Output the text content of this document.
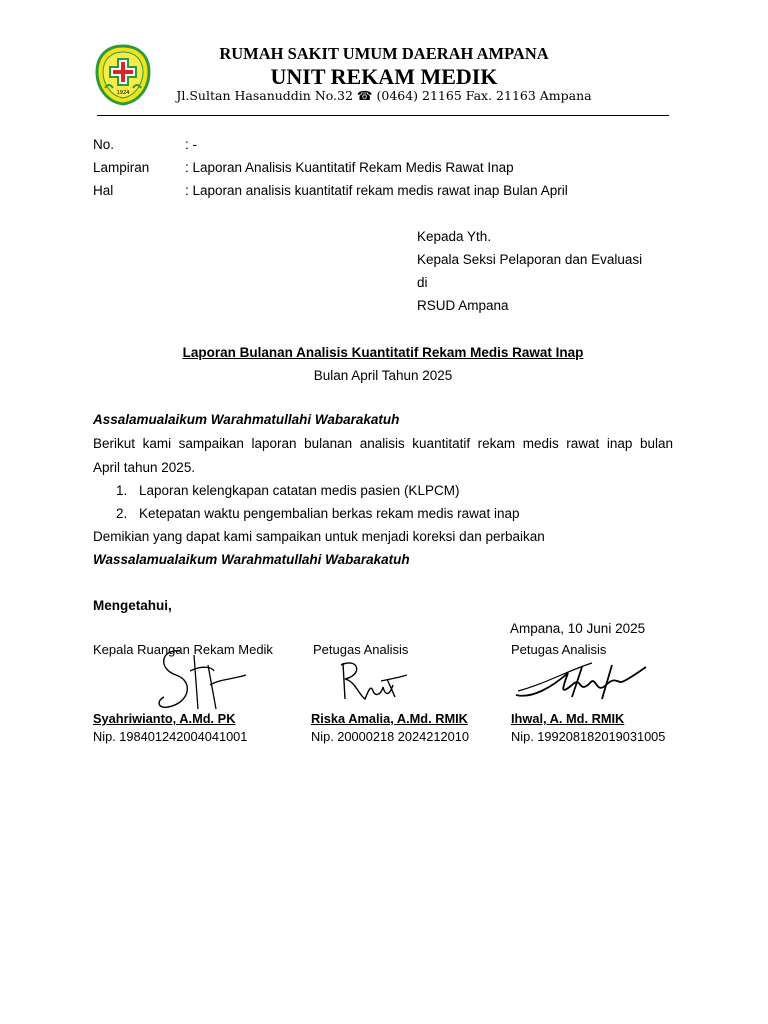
1924
RUMAH SAKIT UMUM DAERAH AMPANA
UNIT REKAM MEDIK
Jl.Sultan Hasanuddin No.32 ☎ (0464) 21165 Fax. 21163 Ampana
No.	: -
Lampiran	: Laporan Analisis Kuantitatif Rekam Medis Rawat Inap
Hal	: Laporan analisis kuantitatif rekam medis rawat inap Bulan April
Kepada Yth.
Kepala Seksi Pelaporan dan Evaluasi
di
RSUD Ampana
Laporan Bulanan Analisis Kuantitatif Rekam Medis Rawat Inap
Bulan April Tahun 2025
Assalamualaikum Warahmatullahi Wabarakatuh
Berikut kami sampaikan laporan bulanan analisis kuantitatif rekam medis rawat inap bulan
April tahun 2025.
1. Laporan kelengkapan catatan medis pasien (KLPCM)
2. Ketepatan waktu pengembalian berkas rekam medis rawat inap
Demikian yang dapat kami sampaikan untuk menjadi koreksi dan perbaikan
Wassalamualaikum Warahmatullahi Wabarakatuh
Mengetahui,
Ampana, 10 Juni 2025
Kepala Ruangan Rekam Medik	Petugas Analisis	Petugas Analisis
Syahriwianto, A.Md. PK	Riska Amalia, A.Md. RMIK	Ihwal, A. Md. RMIK
Nip. 198401242004041001	Nip. 20000218 2024212010	Nip. 199208182019031005
